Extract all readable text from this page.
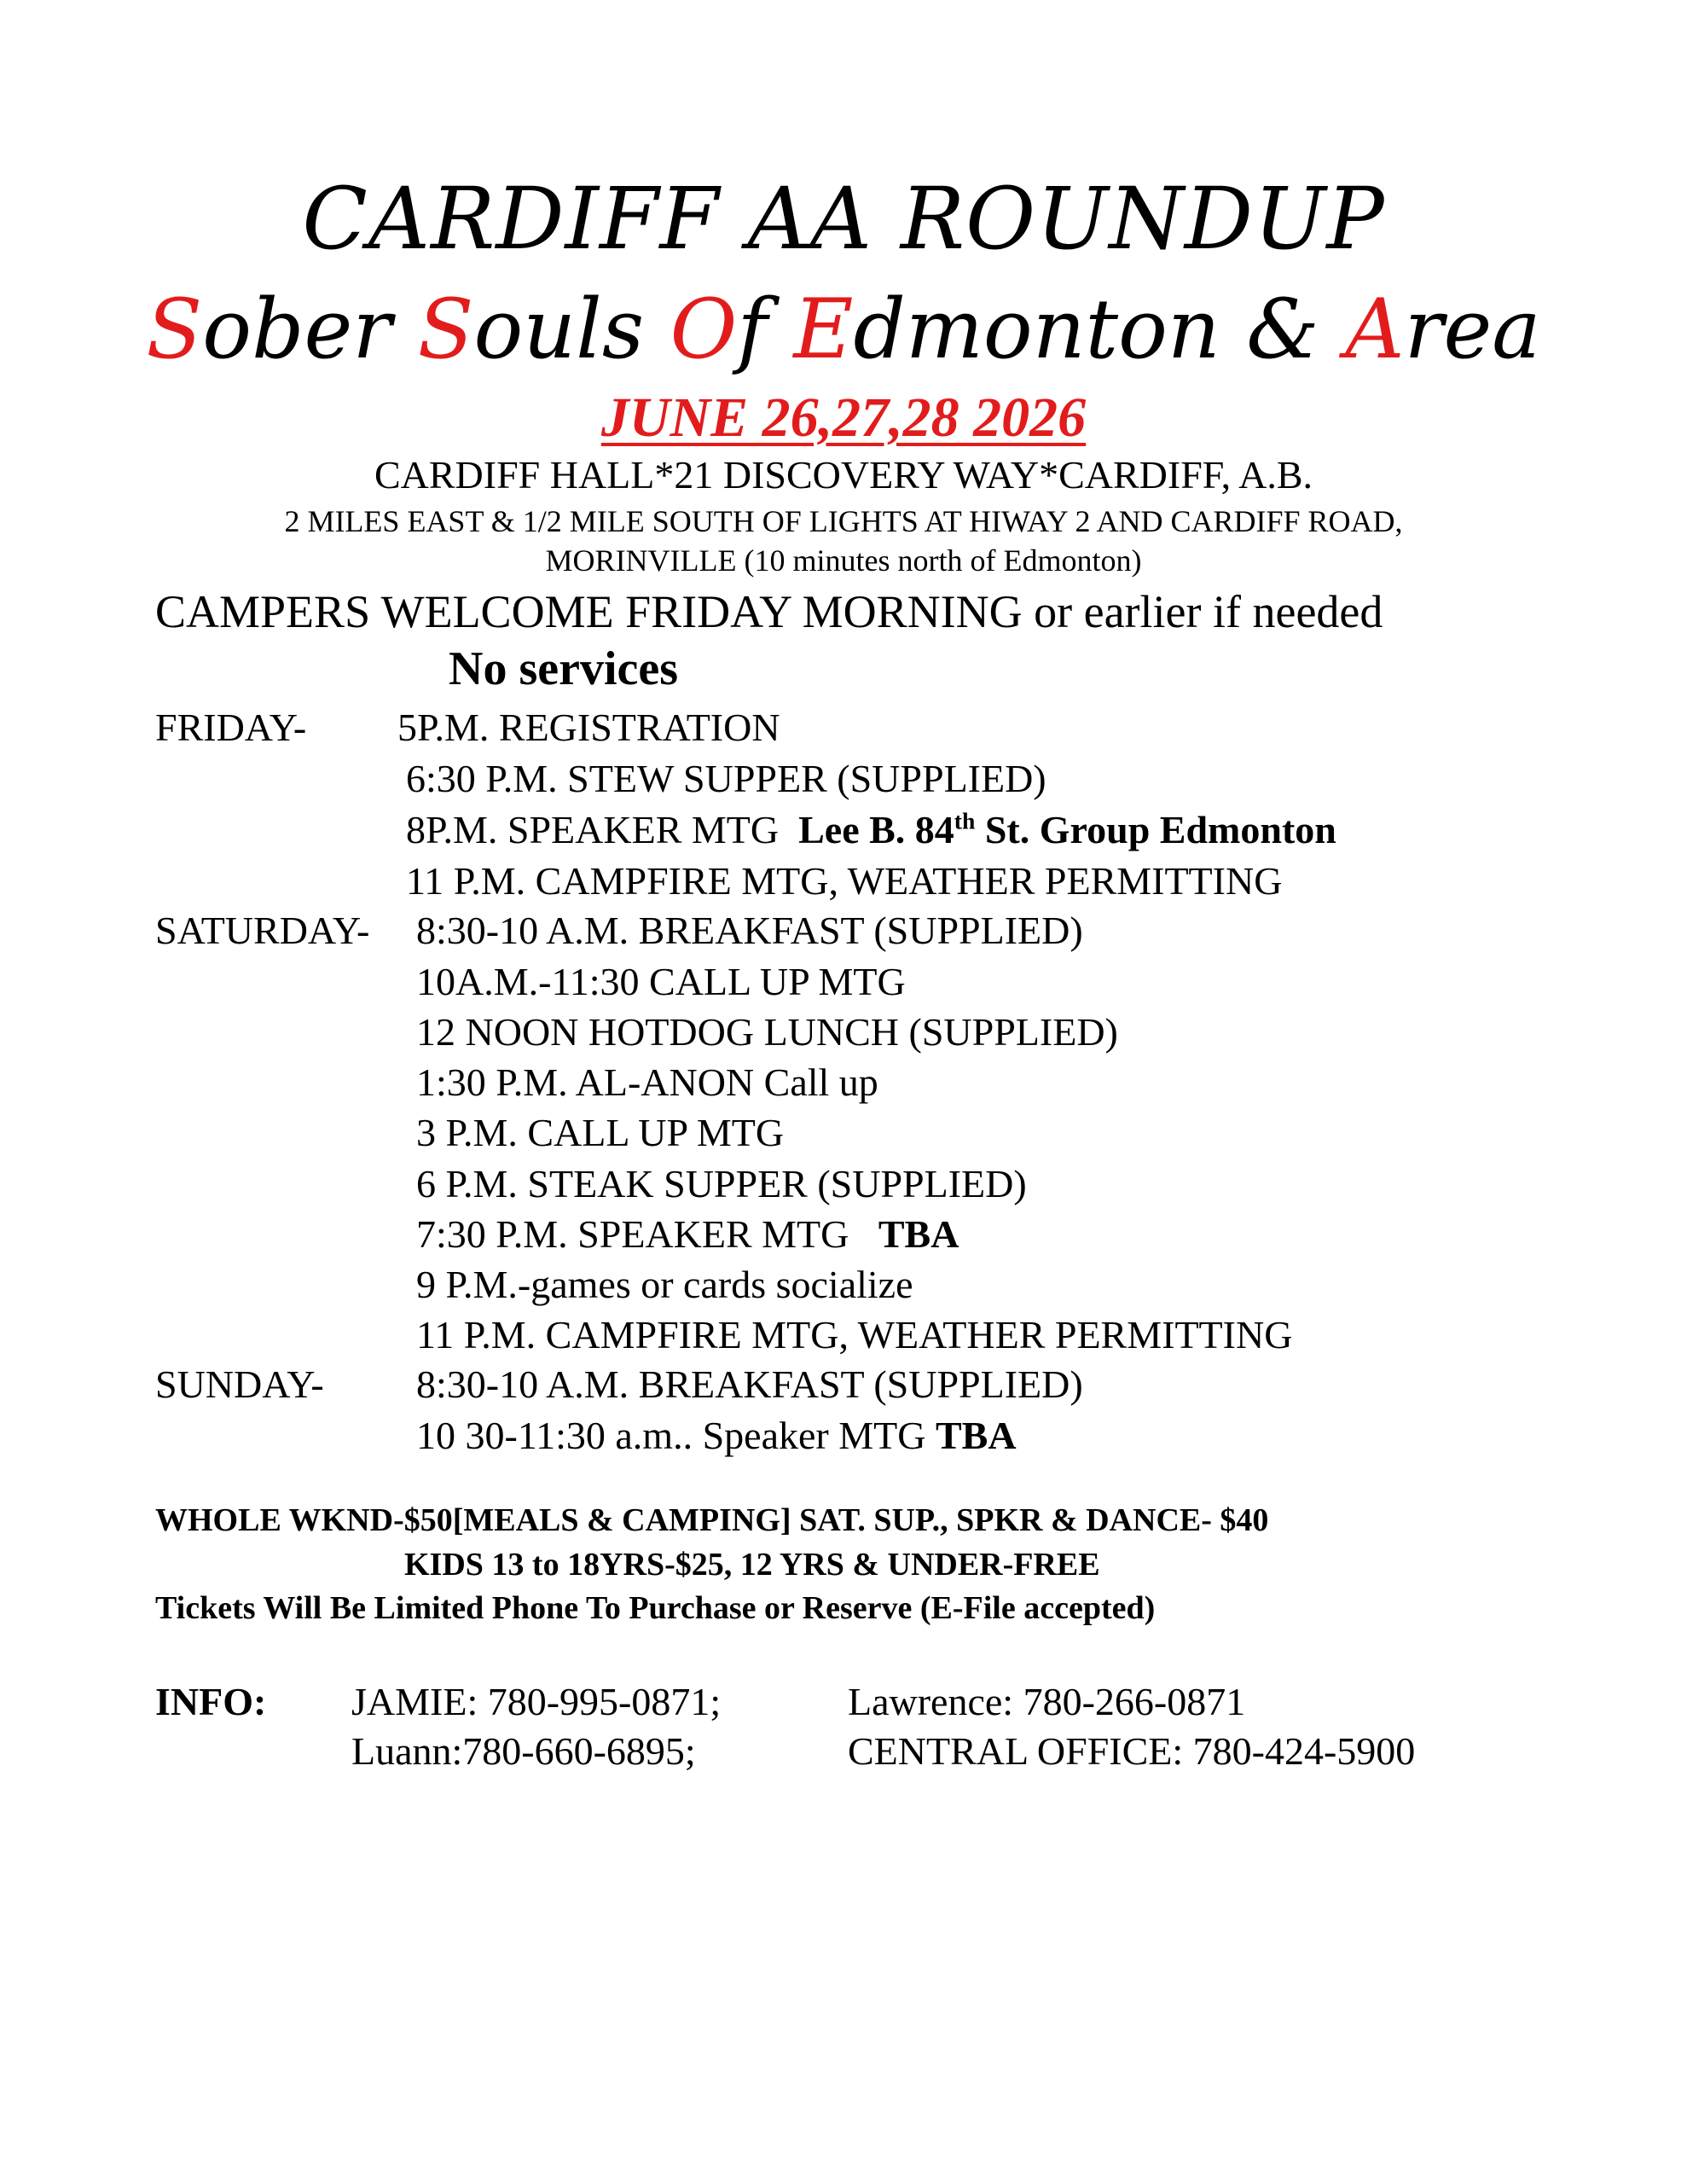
CARDIFF AA ROUNDUP
Sober Souls Of Edmonton & Area
JUNE 26,27,28 2026
CARDIFF HALL*21 DISCOVERY WAY*CARDIFF, A.B.
2 MILES EAST & 1/2 MILE SOUTH OF LIGHTS AT HIWAY 2 AND CARDIFF ROAD,
MORINVILLE (10 minutes north of Edmonton)
CAMPERS WELCOME FRIDAY MORNING or earlier if needed
No services
FRIDAY- 5P.M. REGISTRATION
6:30 P.M. STEW SUPPER (SUPPLIED)
8P.M. SPEAKER MTG Lee B. 84th St. Group Edmonton
11 P.M. CAMPFIRE MTG, WEATHER PERMITTING
SATURDAY- 8:30-10 A.M. BREAKFAST (SUPPLIED)
10A.M.-11:30 CALL UP MTG
12 NOON HOTDOG LUNCH (SUPPLIED)
1:30 P.M. AL-ANON Call up
3 P.M. CALL UP MTG
6 P.M. STEAK SUPPER (SUPPLIED)
7:30 P.M. SPEAKER MTG TBA
9 P.M.-games or cards socialize
11 P.M. CAMPFIRE MTG, WEATHER PERMITTING
SUNDAY- 8:30-10 A.M. BREAKFAST (SUPPLIED)
10 30-11:30 a.m.. Speaker MTG TBA
WHOLE WKND-$50[MEALS & CAMPING] SAT. SUP., SPKR & DANCE- $40
KIDS 13 to 18YRS-$25, 12 YRS & UNDER-FREE
Tickets Will Be Limited Phone To Purchase or Reserve (E-File accepted)
INFO: JAMIE: 780-995-0871;	Lawrence: 780-266-0871
Luann:780-660-6895;	CENTRAL OFFICE: 780-424-5900
